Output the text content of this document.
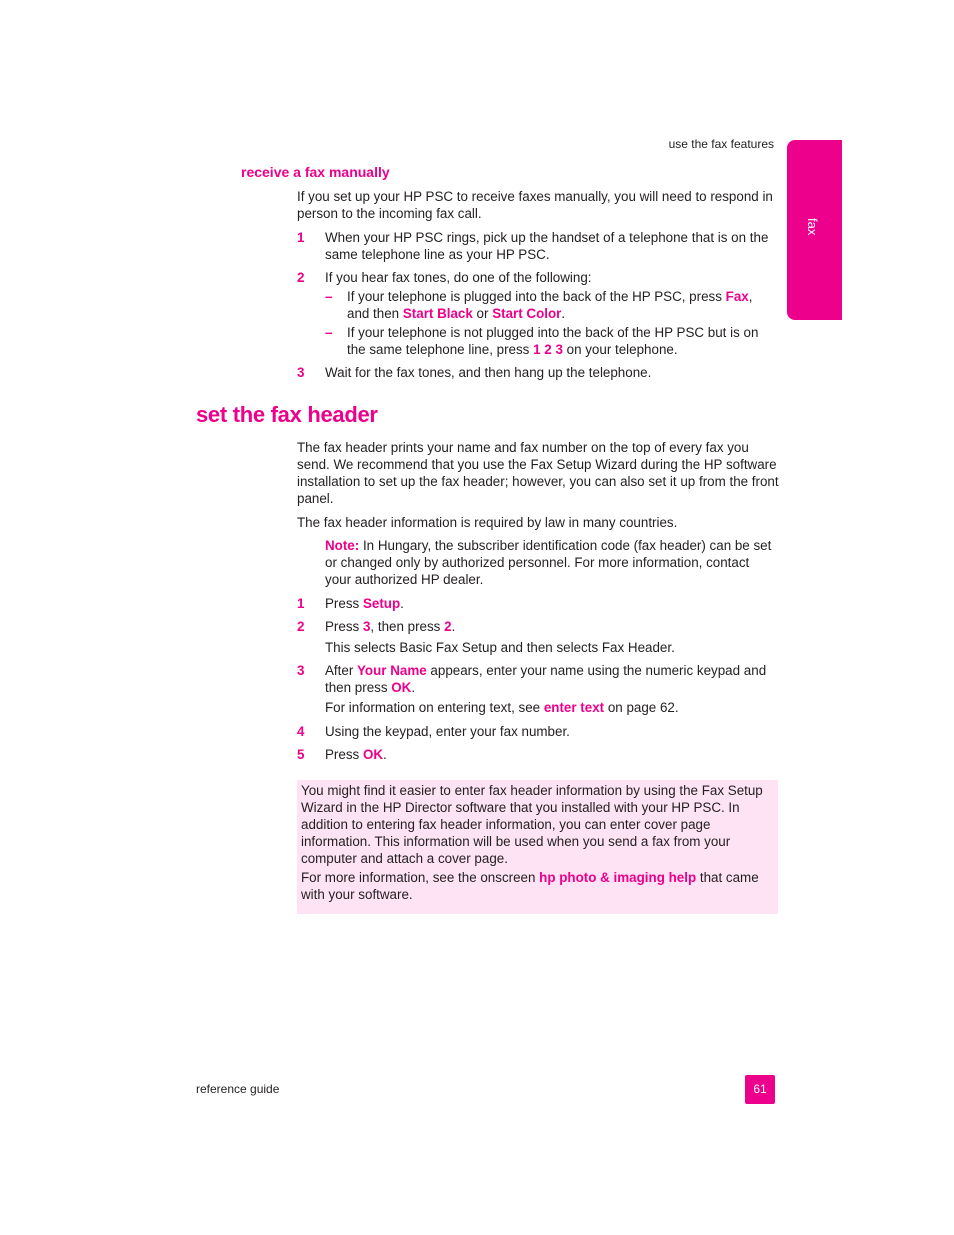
use the fax features
fax
receive a fax manually

If you set up your HP PSC to receive faxes manually, you will need to respond in person to the incoming fax call.

1 When your HP PSC rings, pick up the handset of a telephone that is on the same telephone line as your HP PSC.
2 If you hear fax tones, do one of the following:
– If your telephone is plugged into the back of the HP PSC, press Fax, and then Start Black or Start Color.
– If your telephone is not plugged into the back of the HP PSC but is on the same telephone line, press 1 2 3 on your telephone.
3 Wait for the fax tones, and then hang up the telephone.
set the fax header

The fax header prints your name and fax number on the top of every fax you send. We recommend that you use the Fax Setup Wizard during the HP software installation to set up the fax header; however, you can also set it up from the front panel.

The fax header information is required by law in many countries.

Note: In Hungary, the subscriber identification code (fax header) can be set or changed only by authorized personnel. For more information, contact your authorized HP dealer.
1 Press Setup.
2 Press 3, then press 2.
This selects Basic Fax Setup and then selects Fax Header.
3 After Your Name appears, enter your name using the numeric keypad and then press OK.
For information on entering text, see enter text on page 62.
4 Using the keypad, enter your fax number.
5 Press OK.

You might find it easier to enter fax header information by using the Fax Setup Wizard in the HP Director software that you installed with your HP PSC. In addition to entering fax header information, you can enter cover page information. This information will be used when you send a fax from your computer and attach a cover page.

For more information, see the onscreen hp photo & imaging help that came with your software.

reference guide	61
